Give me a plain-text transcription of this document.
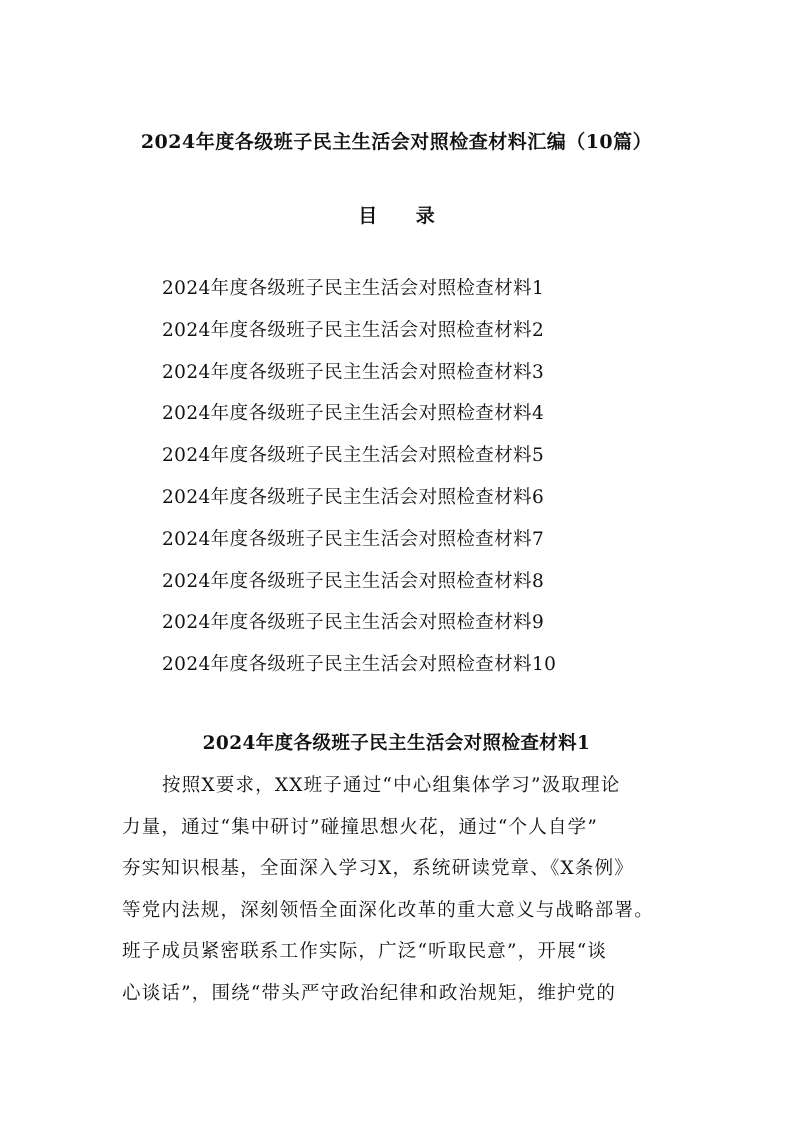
2024年度各级班子民主生活会对照检查材料汇编（10篇）
目 录
2024年度各级班子民主生活会对照检查材料1
2024年度各级班子民主生活会对照检查材料2
2024年度各级班子民主生活会对照检查材料3
2024年度各级班子民主生活会对照检查材料4
2024年度各级班子民主生活会对照检查材料5
2024年度各级班子民主生活会对照检查材料6
2024年度各级班子民主生活会对照检查材料7
2024年度各级班子民主生活会对照检查材料8
2024年度各级班子民主生活会对照检查材料9
2024年度各级班子民主生活会对照检查材料10
2024年度各级班子民主生活会对照检查材料1
按照X要求，XX班子通过“中心组集体学习”汲取理论
力量，通过“集中研讨”碰撞思想火花，通过“个人自学”
夯实知识根基，全面深入学习X，系统研读党章、《X条例》
等党内法规，深刻领悟全面深化改革的重大意义与战略部署。
班子成员紧密联系工作实际，广泛“听取民意”，开展“谈
心谈话”，围绕“带头严守政治纪律和政治规矩，维护党的
